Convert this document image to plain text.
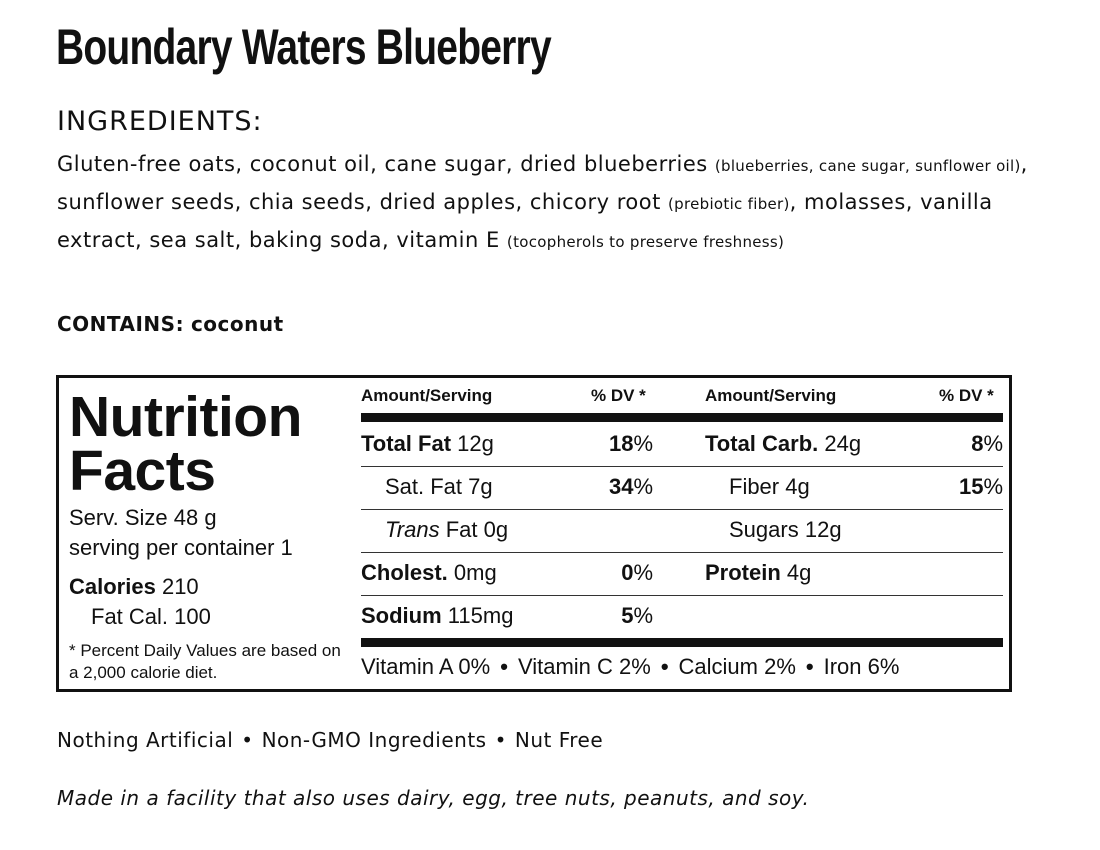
Boundary Waters Blueberry
INGREDIENTS:
Gluten-free oats, coconut oil, cane sugar, dried blueberries (blueberries, cane sugar, sunflower oil), sunflower seeds, chia seeds, dried apples, chicory root (prebiotic fiber), molasses, vanilla extract, sea salt, baking soda, vitamin E (tocopherols to preserve freshness)
CONTAINS: coconut
Nutrition
Facts
Serv. Size 48 g
serving per container 1
Calories 210
Fat Cal. 100
* Percent Daily Values are based on a 2,000 calorie diet.
Amount/Serving	% DV *	Amount/Serving	% DV *
Total Fat 12g	18%
Sat. Fat 7g	34%
Trans Fat 0g
Cholest. 0mg	0%
Sodium 115mg	5%
Total Carb. 24g	8%
Fiber 4g	15%
Sugars 12g
Protein 4g
Vitamin A 0% • Vitamin C 2% • Calcium 2% • Iron 6%
Nothing Artificial • Non-GMO Ingredients • Nut Free
Made in a facility that also uses dairy, egg, tree nuts, peanuts, and soy.
